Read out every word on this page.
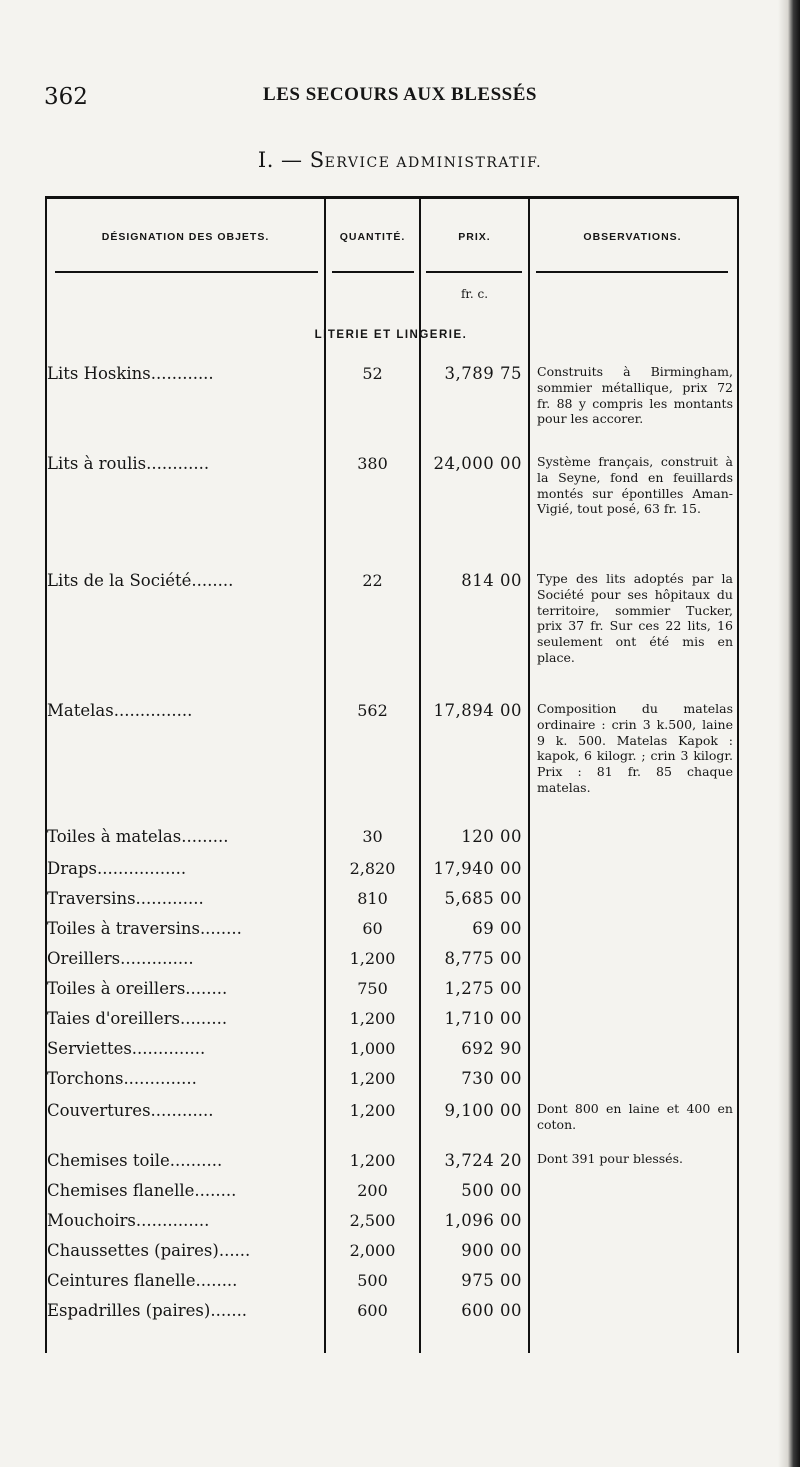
362	LES SECOURS AUX BLESSÉS
I. — SERVICE ADMINISTRATIF.
DÉSIGNATION DES OBJETS.	QUANTITÉ.	PRIX.	OBSERVATIONS.
fr. c.
LITERIE ET LINGERIE.
Lits Hoskins............	52	3,789 75 Construits à Birmingham, sommier métallique, prix 72 fr. 88 y compris les montants pour les accorer.
Lits à roulis............	380	24,000 00 Système français, construit à la Seyne, fond en feuillards montés sur épontilles Aman-Vigié, tout posé, 63 fr. 15.
Lits de la Société........	22	814 00 Type des lits adoptés par la Société pour ses hôpitaux du territoire, sommier Tucker, prix 37 fr. Sur ces 22 lits, 16 seulement ont été mis en place.
Matelas...............	562	17,894 00 Composition du matelas ordinaire : crin 3 k.500, laine 9 k. 500. Matelas Kapok : kapok, 6 kilogr. ; crin 3 kilogr. Prix : 81 fr. 85 chaque matelas.
Toiles à matelas.........	30	120 00
Draps.................	2,820	17,940 00
Traversins.............	810	5,685 00
Toiles à traversins........	60	69 00
Oreillers..............	1,200	8,775 00
Toiles à oreillers........	750	1,275 00
Taies d'oreillers.........	1,200	1,710 00
Serviettes..............	1,000	692 90
Torchons..............	1,200	730 00
Couvertures............	1,200	9,100 00 Dont 800 en laine et 400 en coton.
Chemises toile..........	1,200	3,724 20 Dont 391 pour blessés.
Chemises flanelle........	200	500 00
Mouchoirs..............	2,500	1,096 00
Chaussettes (paires)......	2,000	900 00
Ceintures flanelle........	500	975 00
Espadrilles (paires).......	600	600 00
